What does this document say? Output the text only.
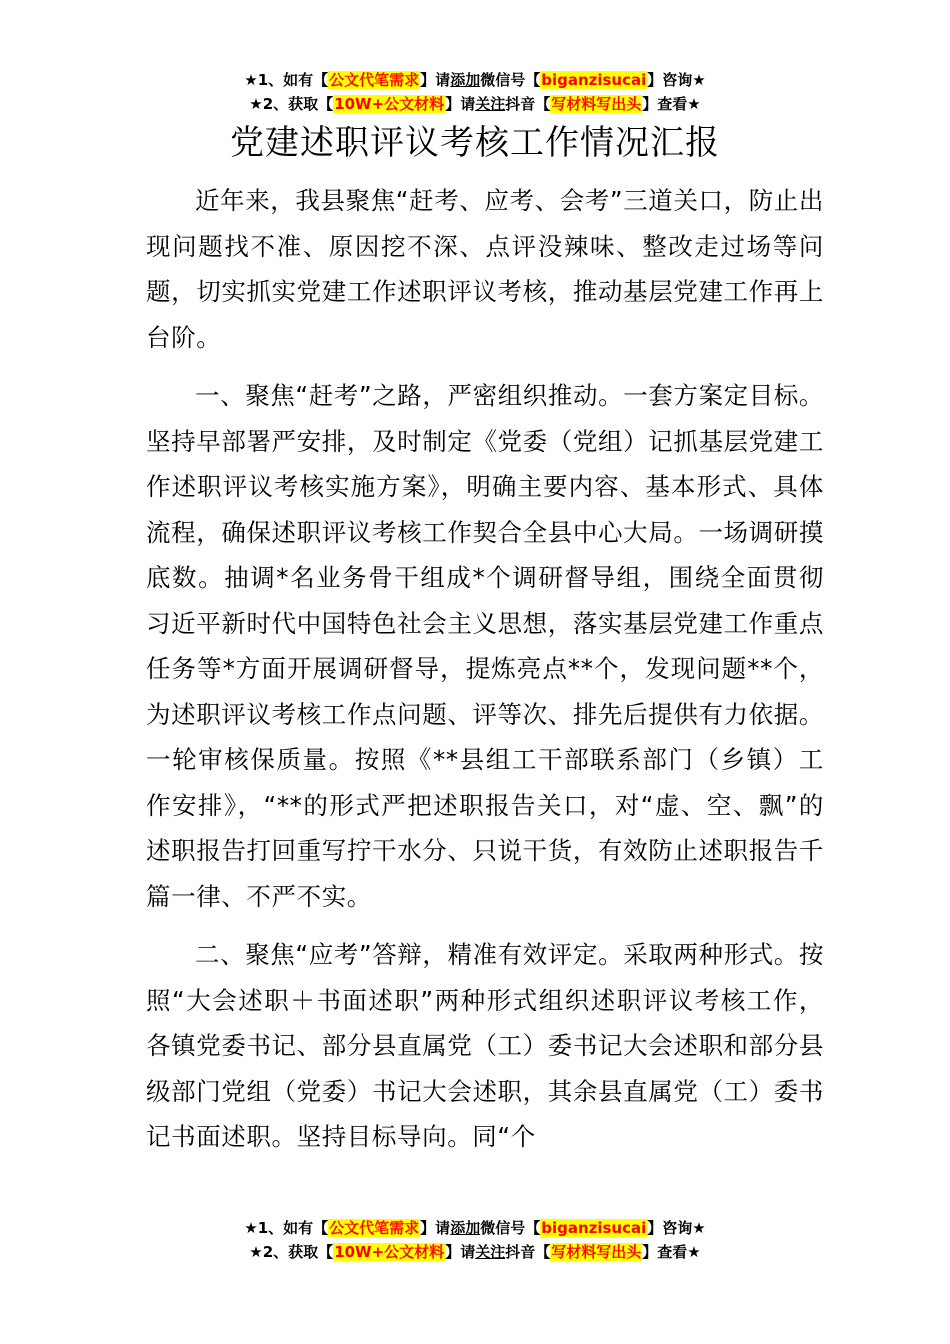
★1、如有【公文代笔需求】请添加微信号【biganzisucai】咨询★
★2、获取【10W+公文材料】请关注抖音【写材料写出头】查看★
党建述职评议考核工作情况汇报

近年来，我县聚焦“赶考、应考、会考”三道关口，防止出现问题找不准、原因挖不深、点评没辣味、整改走过场等问题，切实抓实党建工作述职评议考核，推动基层党建工作再上台阶。

一、聚焦“赶考”之路，严密组织推动。一套方案定目标。坚持早部署严安排，及时制定《党委（党组）记抓基层党建工作述职评议考核实施方案》，明确主要内容、基本形式、具体流程，确保述职评议考核工作契合全县中心大局。一场调研摸底数。抽调*名业务骨干组成*个调研督导组，围绕全面贯彻习近平新时代中国特色社会主义思想，落实基层党建工作重点任务等*方面开展调研督导，提炼亮点**个，发现问题**个，为述职评议考核工作点问题、评等次、排先后提供有力依据。一轮审核保质量。按照《**县组工干部联系部门（乡镇）工作安排》，“**的形式严把述职报告关口，对“虚、空、飘”的述职报告打回重写拧干水分、只说干货，有效防止述职报告千篇一律、不严不实。

二、聚焦“应考”答辩，精准有效评定。采取两种形式。按照“大会述职＋书面述职”两种形式组织述职评议考核工作，各镇党委书记、部分县直属党（工）委书记大会述职和部分县级部门党组（党委）书记大会述职，其余县直属党（工）委书记书面述职。坚持目标导向。同“个

★1、如有【公文代笔需求】请添加微信号【biganzisucai】咨询★
★2、获取【10W+公文材料】请关注抖音【写材料写出头】查看★
